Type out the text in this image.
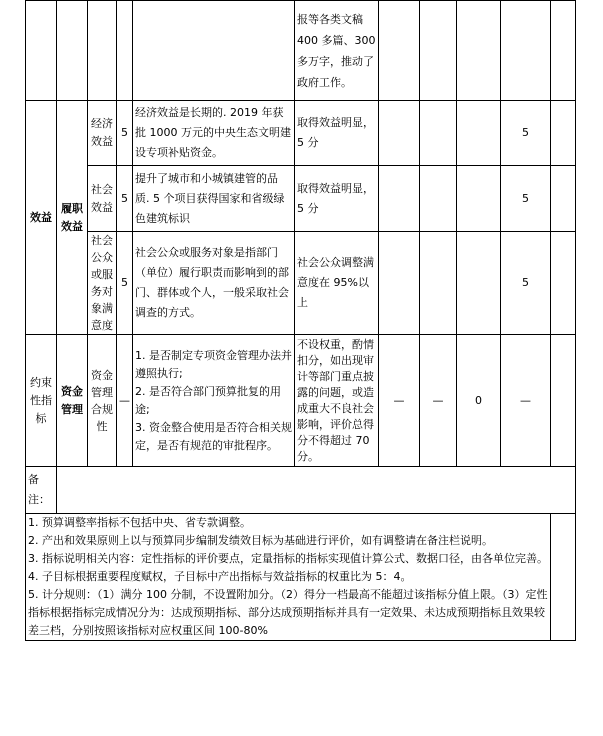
					报等各类文稿400 多篇、300 多万字，推动了政府工作。					
效益	履职效益	经济效益	5	经济效益是长期的. 2019 年获批 1000 万元的中央生态文明建设专项补贴资金。	取得效益明显，5 分				5	
		社会效益	5	提升了城市和小城镇建管的品质. 5 个项目获得国家和省级绿色建筑标识	取得效益明显，5 分				5	
		社会公众或服务对象满意度	5	社会公众或服务对象是指部门（单位）履行职责而影响到的部门、群体或个人，一般采取社会调查的方式。	社会公众调整满意度在 95%以上				5	
约束性指标	资金管理	资金管理合规性	—	1. 是否制定专项资金管理办法并遵照执行;
2. 是否符合部门预算批复的用途;
3. 资金整合使用是否符合相关规定，是否有规范的审批程序。	不设权重，酌情扣分，如出现审计等部门重点披露的问题，或造成重大不良社会影响，评价总得分不得超过 70 分。	—	—	0	—	
备注：										

1. 预算调整率指标不包括中央、省专款调整。
2. 产出和效果原则上以与预算同步编制发绩效目标为基础进行评价，如有调整请在备注栏说明。
3. 指标说明相关内容：定性指标的评价要点，定量指标的指标实现值计算公式、数据口径，由各单位完善。
4. 子目标根据重要程度赋权，子目标中产出指标与效益指标的权重比为 5：4。
5. 计分规则：（1）满分 100 分制，不设置附加分。（2）得分一档最高不能超过该指标分值上限。（3）定性指标根据指标完成情况分为：达成预期指标、部分达成预期指标并具有一定效果、未达成预期指标且效果较差三档，分别按照该指标对应权重区间 100-80%										
